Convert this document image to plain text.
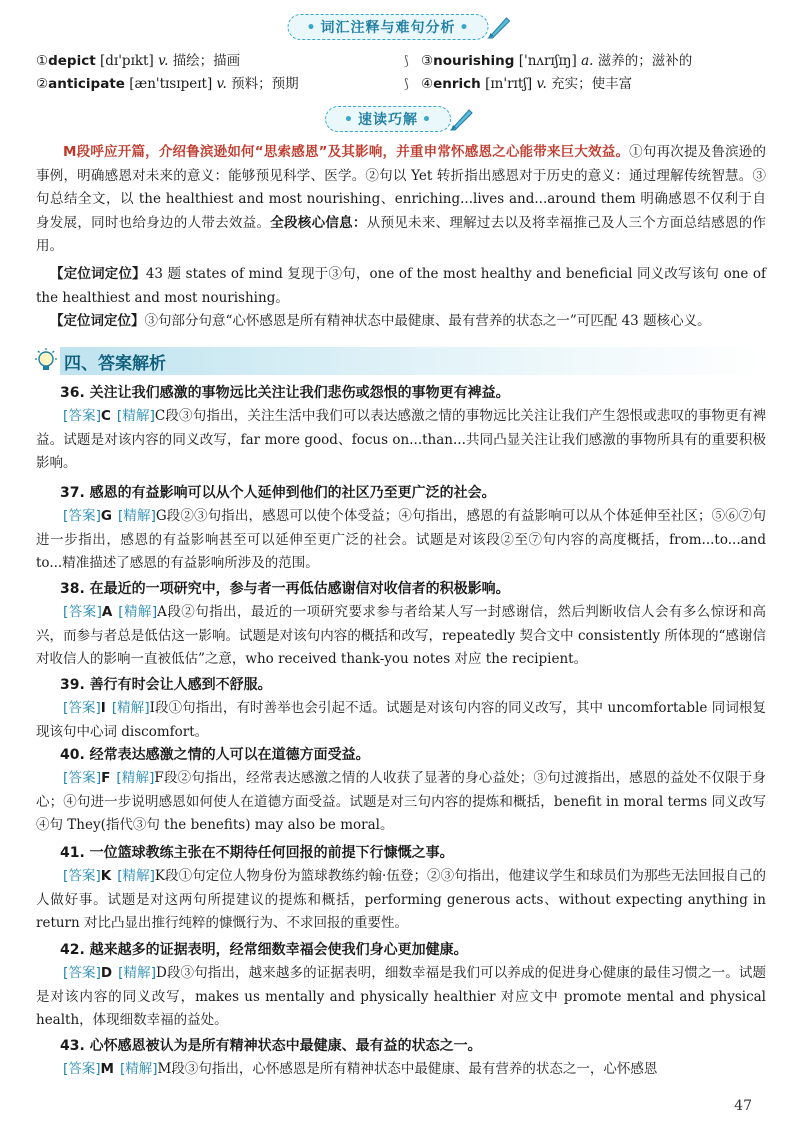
• 词汇注释与难句分析 •
①depict [dɪ'pɪkt] v. 描绘；描画	⟆ ③nourishing ['nʌrɪʃɪŋ] a. 滋养的；滋补的
②anticipate [æn'tɪsɪpeɪt] v. 预料；预期	⟆ ④enrich [ɪn'rɪtʃ] v. 充实；使丰富
• 速读巧解 •
M段呼应开篇，介绍鲁滨逊如何“思索感恩”及其影响，并重申常怀感恩之心能带来巨大效益。①句再次提及鲁滨逊的事例，明确感恩对未来的意义：能够预见科学、医学。②句以 Yet 转折指出感恩对于历史的意义：通过理解传统智慧。③句总结全文，以 the healthiest and most nourishing、enriching...lives and...around them 明确感恩不仅利于自身发展，同时也给身边的人带去效益。全段核心信息：从预见未来、理解过去以及将幸福推己及人三个方面总结感恩的作用。
【定位词定位】43 题 states of mind 复现于③句，one of the most healthy and beneficial 同义改写该句 one of the healthiest and most nourishing。
【定位词定位】③句部分句意“心怀感恩是所有精神状态中最健康、最有营养的状态之一”可匹配 43 题核心义。
四、答案解析
36. 关注让我们感激的事物远比关注让我们悲伤或怨恨的事物更有裨益。
[答案]C [精解]C段③句指出，关注生活中我们可以表达感激之情的事物远比关注让我们产生怨恨或悲叹的事物更有裨益。试题是对该内容的同义改写，far more good、focus on...than...共同凸显关注让我们感激的事物所具有的重要积极影响。
37. 感恩的有益影响可以从个人延伸到他们的社区乃至更广泛的社会。
[答案]G [精解]G段②③句指出，感恩可以使个体受益；④句指出，感恩的有益影响可以从个体延伸至社区；⑤⑥⑦句进一步指出，感恩的有益影响甚至可以延伸至更广泛的社会。试题是对该段②至⑦句内容的高度概括，from...to...and to...精准描述了感恩的有益影响所涉及的范围。
38. 在最近的一项研究中，参与者一再低估感谢信对收信者的积极影响。
[答案]A [精解]A段②句指出，最近的一项研究要求参与者给某人写一封感谢信，然后判断收信人会有多么惊讶和高兴，而参与者总是低估这一影响。试题是对该句内容的概括和改写，repeatedly 契合文中 consistently 所体现的“感谢信对收信人的影响一直被低估”之意，who received thank-you notes 对应 the recipient。
39. 善行有时会让人感到不舒服。
[答案]I [精解]I段①句指出，有时善举也会引起不适。试题是对该句内容的同义改写，其中 uncomfortable 同词根复现该句中心词 discomfort。
40. 经常表达感激之情的人可以在道德方面受益。
[答案]F [精解]F段②句指出，经常表达感激之情的人收获了显著的身心益处；③句过渡指出，感恩的益处不仅限于身心；④句进一步说明感恩如何使人在道德方面受益。试题是对三句内容的提炼和概括，benefit in moral terms 同义改写④句 They(指代③句 the benefits) may also be moral。
41. 一位篮球教练主张在不期待任何回报的前提下行慷慨之事。
[答案]K [精解]K段①句定位人物身份为篮球教练约翰·伍登；②③句指出，他建议学生和球员们为那些无法回报自己的人做好事。试题是对这两句所提建议的提炼和概括，performing generous acts、without expecting anything in return 对比凸显出推行纯粹的慷慨行为、不求回报的重要性。
42. 越来越多的证据表明，经常细数幸福会使我们身心更加健康。
[答案]D [精解]D段③句指出，越来越多的证据表明，细数幸福是我们可以养成的促进身心健康的最佳习惯之一。试题是对该内容的同义改写，makes us mentally and physically healthier 对应文中 promote mental and physical health，体现细数幸福的益处。
43. 心怀感恩被认为是所有精神状态中最健康、最有益的状态之一。
[答案]M [精解]M段③句指出，心怀感恩是所有精神状态中最健康、最有营养的状态之一，心怀感恩
47
